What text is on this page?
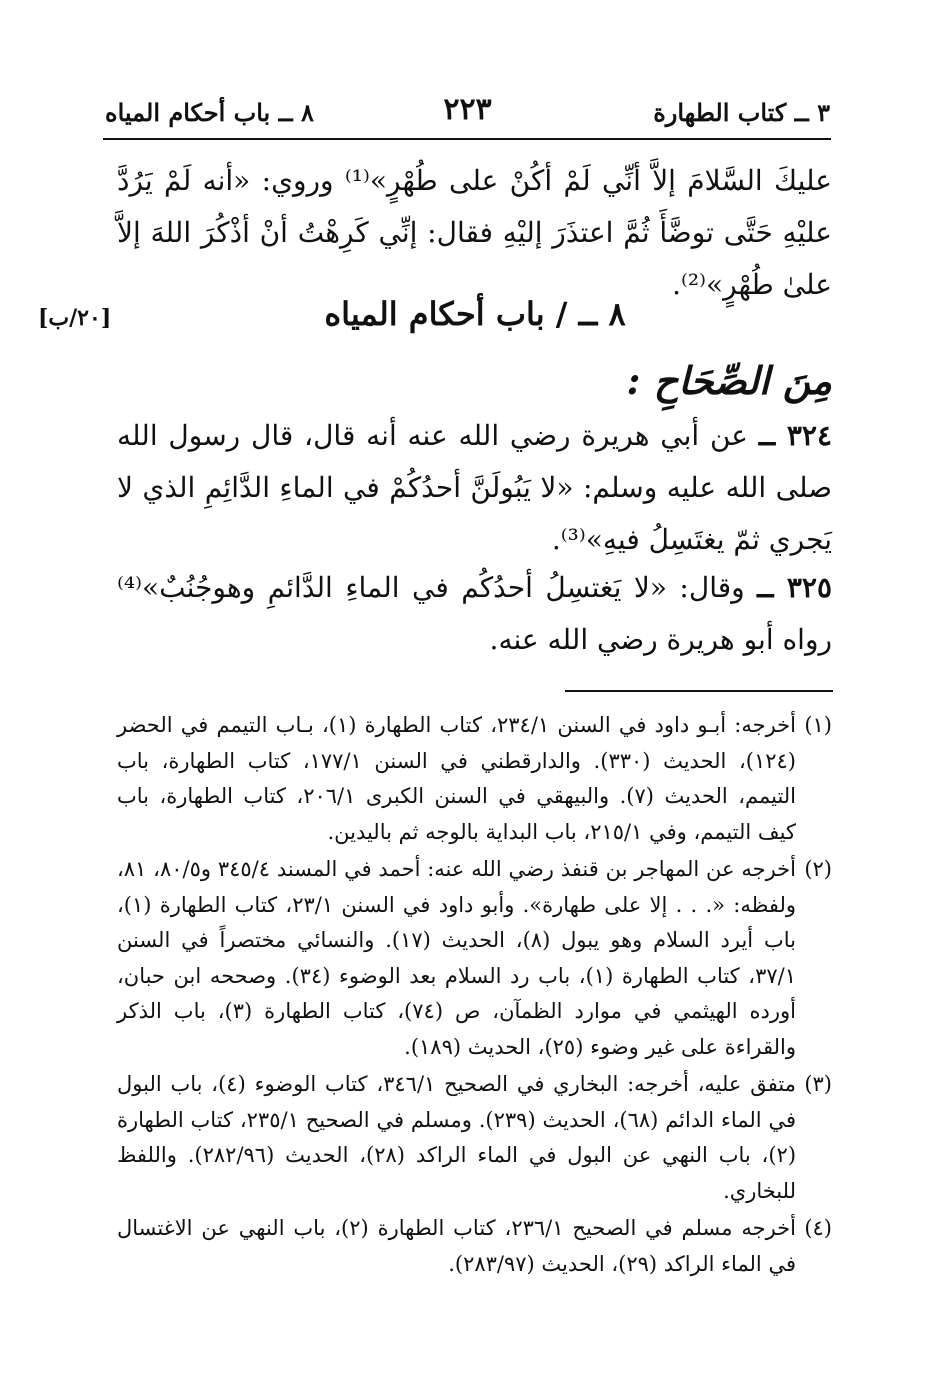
٣ ــ كتاب الطهارة
٢٢٣
٨ ــ باب أحكام المياه

عليكَ السَّلامَ إلاَّ أنِّي لَمْ أكُنْ على طُهْرٍ»⁽¹⁾ وروي: «أنه لَمْ يَرُدَّ عليْهِ حَتَّى توضَّأَ ثُمَّ اعتذَرَ إليْهِ فقال: إنِّي كَرِهْتُ أنْ أذْكُرَ اللهَ إلاَّ علىٰ طُهْرٍ»⁽²⁾.

٨ ــ / باب أحكام المياه
[٢٠/ب]
مِنَ الصِّحَاحِ :

٣٢٤ ــ عن أبي هريرة رضي الله عنه أنه قال، قال رسول الله صلى الله عليه وسلم: «لا يَبُولَنَّ أحدُكُمْ في الماءِ الدَّائِمِ الذي لا يَجري ثمّ يغتَسِلُ فيهِ»⁽³⁾.

٣٢٥ ــ وقال: «لا يَغتسِلُ أحدُكُم في الماءِ الدَّائمِ وهوجُنُبٌ»⁽⁴⁾ رواه أبو هريرة رضي الله عنه.

(١)
أخرجه: أبـو داود في السنن ٢٣٤/١، كتاب الطهارة (١)، بـاب التيمم في الحضر (١٢٤)، الحديث (٣٣٠). والدارقطني في السنن ١٧٧/١، كتاب الطهارة، باب التيمم، الحديث (٧). والبيهقي في السنن الكبرى ٢٠٦/١، كتاب الطهارة، باب كيف التيمم، وفي ٢١٥/١، باب البداية بالوجه ثم باليدين.
(٢)
أخرجه عن المهاجر بن قنفذ رضي الله عنه: أحمد في المسند ٣٤٥/٤ و٨٠/٥، ٨١، ولفظه: «. . . إلا على طهارة». وأبو داود في السنن ٢٣/١، كتاب الطهارة (١)، باب أيرد السلام وهو يبول (٨)، الحديث (١٧). والنسائي مختصراً في السنن ٣٧/١، كتاب الطهارة (١)، باب رد السلام بعد الوضوء (٣٤). وصححه ابن حبان، أورده الهيثمي في موارد الظمآن، ص (٧٤)، كتاب الطهارة (٣)، باب الذكر والقراءة على غير وضوء (٢٥)، الحديث (١٨٩).
(٣)
متفق عليه، أخرجه: البخاري في الصحيح ٣٤٦/١، كتاب الوضوء (٤)، باب البول في الماء الدائم (٦٨)، الحديث (٢٣٩). ومسلم في الصحيح ٢٣٥/١، كتاب الطهارة (٢)، باب النهي عن البول في الماء الراكد (٢٨)، الحديث (٢٨٢/٩٦). واللفظ للبخاري.
(٤)
أخرجه مسلم في الصحيح ٢٣٦/١، كتاب الطهارة (٢)، باب النهي عن الاغتسال في الماء الراكد (٢٩)، الحديث (٢٨٣/٩٧).
